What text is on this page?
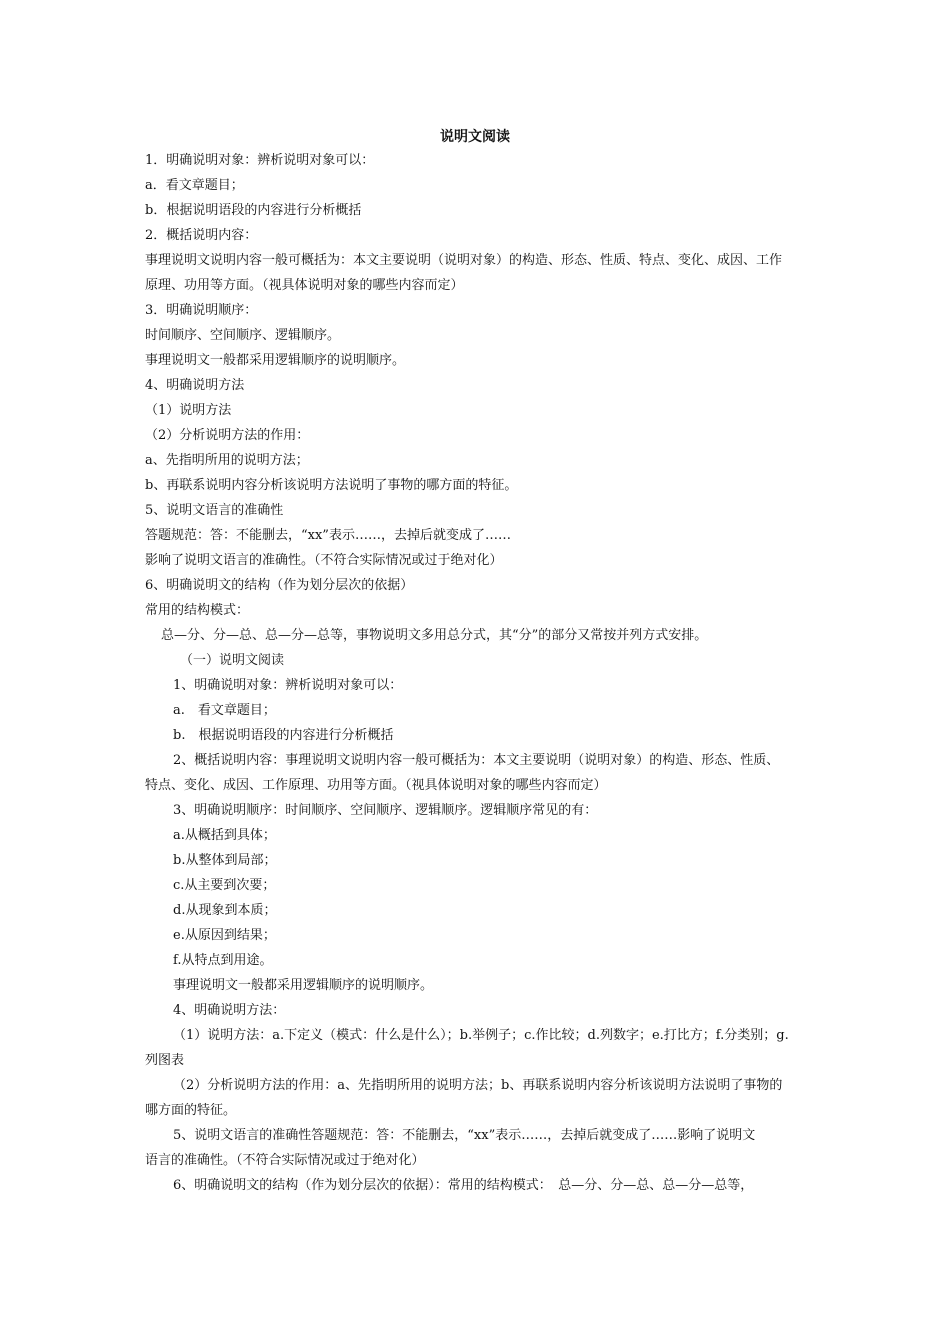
说明文阅读
1．明确说明对象：辨析说明对象可以：
a．看文章题目；
b．根据说明语段的内容进行分析概括
2．概括说明内容：
事理说明文说明内容一般可概括为：本文主要说明（说明对象）的构造、形态、性质、特点、变化、成因、工作
原理、功用等方面。（视具体说明对象的哪些内容而定）
3．明确说明顺序：
时间顺序、空间顺序、逻辑顺序。
事理说明文一般都采用逻辑顺序的说明顺序。
4、明确说明方法
（1）说明方法
（2）分析说明方法的作用：
a、先指明所用的说明方法；
b、再联系说明内容分析该说明方法说明了事物的哪方面的特征。
5、说明文语言的准确性
答题规范：答：不能删去，“xx”表示……，去掉后就变成了……
影响了说明文语言的准确性。（不符合实际情况或过于绝对化）
6、明确说明文的结构（作为划分层次的依据）
常用的结构模式：
总—分、分—总、总—分—总等，事物说明文多用总分式，其“分”的部分又常按并列方式安排。
（一）说明文阅读
1、明确说明对象：辨析说明对象可以：
a.　看文章题目；
b.　根据说明语段的内容进行分析概括
2、概括说明内容：事理说明文说明内容一般可概括为：本文主要说明（说明对象）的构造、形态、性质、
特点、变化、成因、工作原理、功用等方面。（视具体说明对象的哪些内容而定）
3、明确说明顺序：时间顺序、空间顺序、逻辑顺序。逻辑顺序常见的有：
a.从概括到具体；
b.从整体到局部；
c.从主要到次要；
d.从现象到本质；
e.从原因到结果；
f.从特点到用途。
事理说明文一般都采用逻辑顺序的说明顺序。
4、明确说明方法：
（1）说明方法：a.下定义（模式：什么是什么）；b.举例子；c.作比较；d.列数字；e.打比方；f.分类别；g.
列图表
（2）分析说明方法的作用：a、先指明所用的说明方法；b、再联系说明内容分析该说明方法说明了事物的
哪方面的特征。
5、说明文语言的准确性答题规范：答：不能删去，“xx”表示……，去掉后就变成了……影响了说明文
语言的准确性。（不符合实际情况或过于绝对化）
6、明确说明文的结构（作为划分层次的依据）：常用的结构模式：　总—分、分—总、总—分—总等，
